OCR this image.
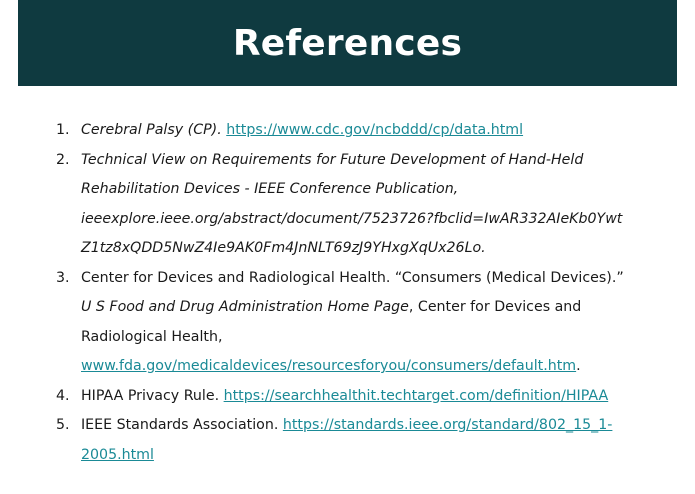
References
1. Cerebral Palsy (CP). https://www.cdc.gov/ncbddd/cp/data.html
2. Technical View on Requirements for Future Development of Hand-Held
Rehabilitation Devices - IEEE Conference Publication,
ieeexplore.ieee.org/abstract/document/7523726?fbclid=IwAR332AIeKb0Ywt
Z1tz8xQDD5NwZ4Ie9AK0Fm4JnNLT69zJ9YHxgXqUx26Lo.
3. Center for Devices and Radiological Health. “Consumers (Medical Devices).”
U S Food and Drug Administration Home Page, Center for Devices and
Radiological Health,
www.fda.gov/medicaldevices/resourcesforyou/consumers/default.htm.
4. HIPAA Privacy Rule. https://searchhealthit.techtarget.com/definition/HIPAA
5. IEEE Standards Association. https://standards.ieee.org/standard/802_15_1-
2005.html
